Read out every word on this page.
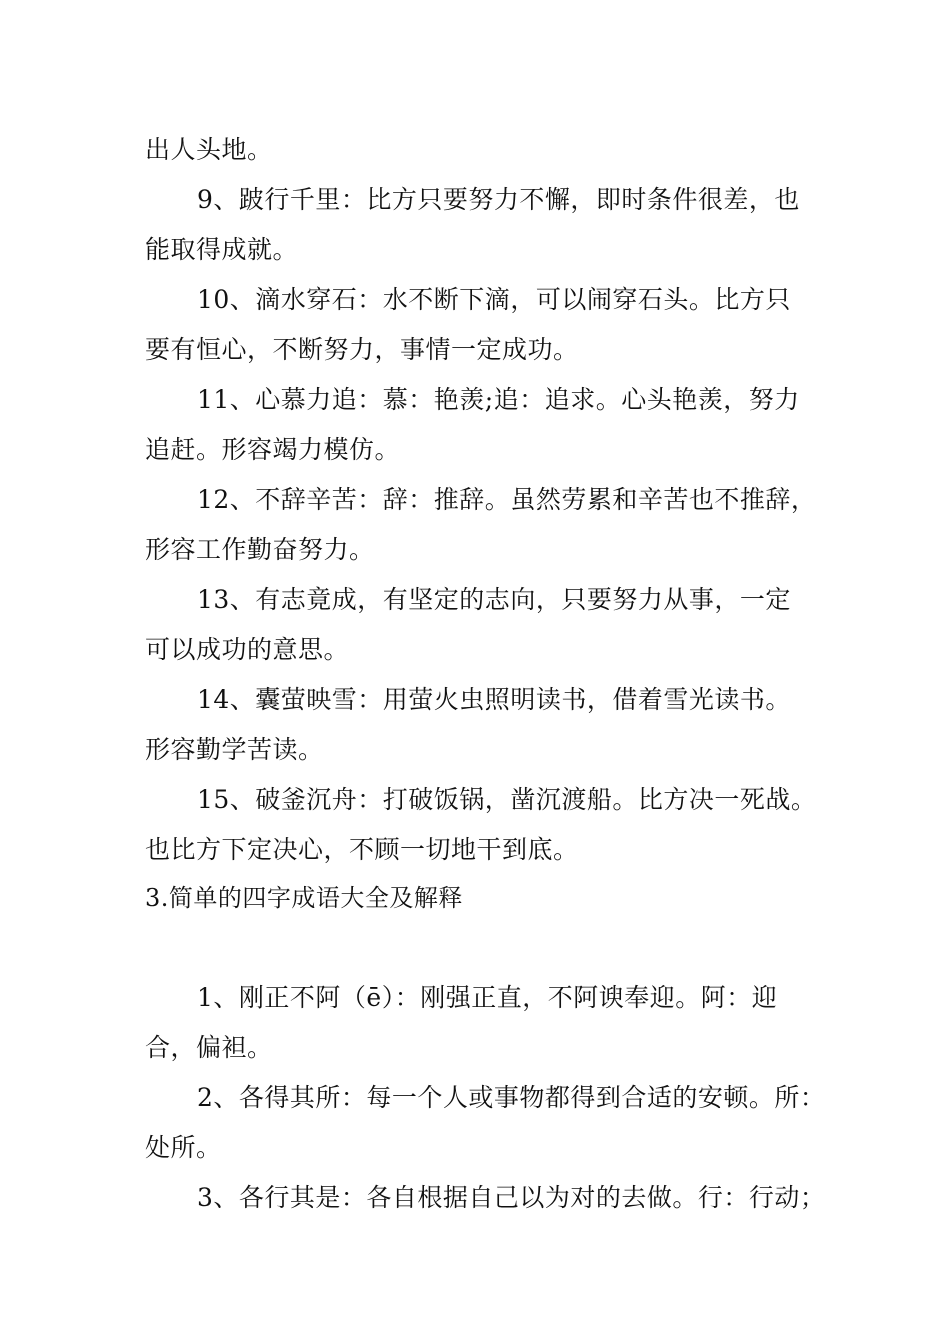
出人头地。
9、跛行千里：比方只要努力不懈，即时条件很差，也
能取得成就。
10、滴水穿石：水不断下滴，可以闹穿石头。比方只
要有恒心，不断努力，事情一定成功。
11、心慕力追：慕：艳羡;追：追求。心头艳羡，努力
追赶。形容竭力模仿。
12、不辞辛苦：辞：推辞。虽然劳累和辛苦也不推辞，
形容工作勤奋努力。
13、有志竟成，有坚定的志向，只要努力从事，一定
可以成功的意思。
14、囊萤映雪：用萤火虫照明读书，借着雪光读书。
形容勤学苦读。
15、破釜沉舟：打破饭锅，凿沉渡船。比方决一死战。
也比方下定决心，不顾一切地干到底。
3.简单的四字成语大全及解释
1、刚正不阿（ē）：刚强正直，不阿谀奉迎。阿：迎
合，偏袒。
2、各得其所：每一个人或事物都得到合适的安顿。所：
处所。
3、各行其是：各自根据自己以为对的去做。行：行动；
